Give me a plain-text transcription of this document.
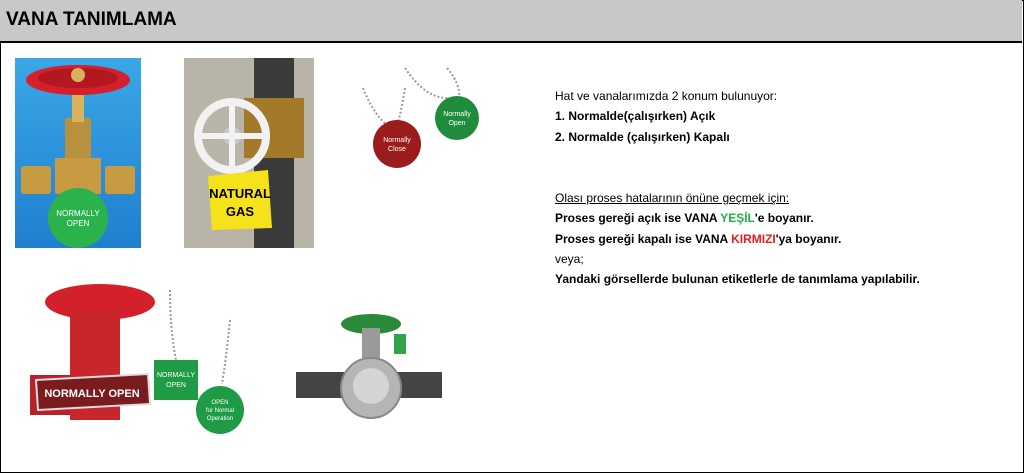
VANA TANIMLAMA
NORMALLY
OPEN
NATURAL
GAS
Normally
Close
Normally
Open
NORMALLY OPEN
NORMALLY
OPEN
OPEN
for Normal
Operation
Hat ve vanalarımızda 2 konum bulunuyor:
1. Normalde(çalışırken) Açık
2. Normalde (çalışırken) Kapalı
Olası proses hatalarının önüne geçmek için:
Proses gereği açık ise VANA YEŞİL'e boyanır.
Proses gereği kapalı ise VANA KIRMIZI'ya boyanır.
veya;
Yandaki görsellerde bulunan etiketlerle de tanımlama yapılabilir.
